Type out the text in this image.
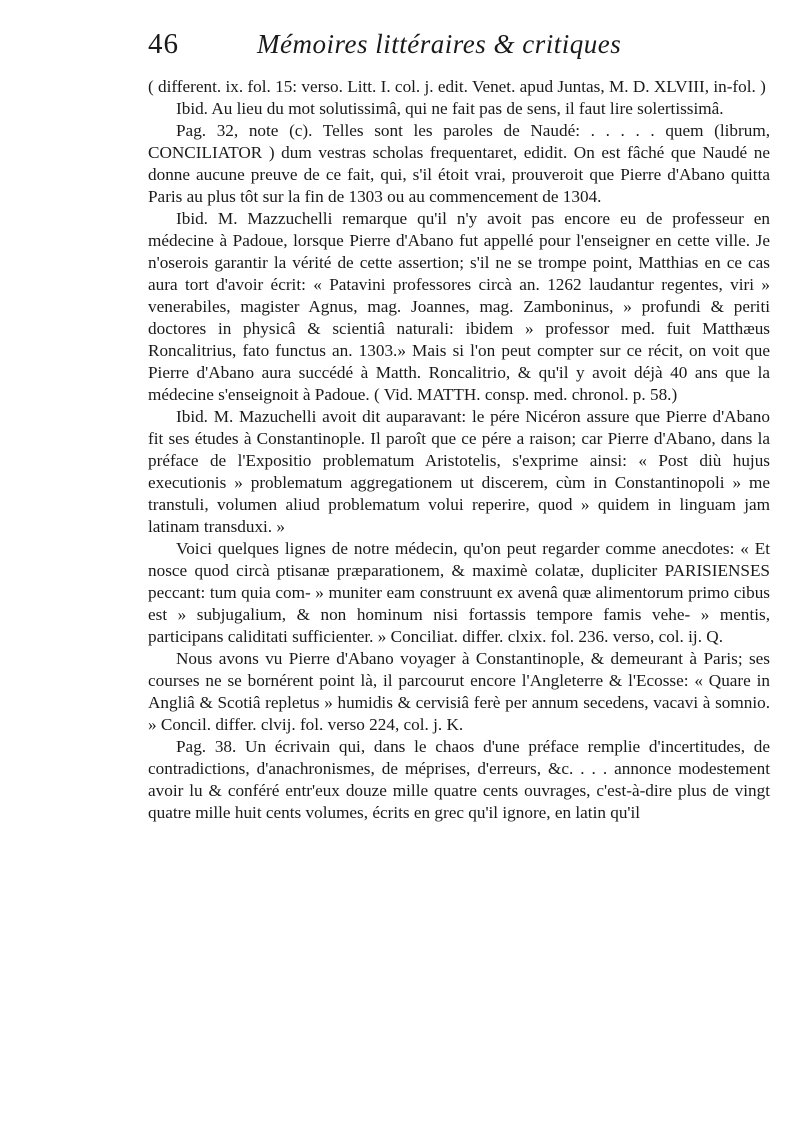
46	Mémoires littéraires & critiques

( different. ix. fol. 15: verso. Litt. I. col. j. edit. Venet. apud Juntas, M. D. XLVIII, in-fol. )

Ibid. Au lieu du mot solutissimâ, qui ne fait pas de sens, il faut lire solertissimâ.

Pag. 32, note (c). Telles sont les paroles de Naudé: . . . . . quem (librum, CONCILIATOR ) dum vestras scholas frequentaret, edidit. On est fâché que Naudé ne donne aucune preuve de ce fait, qui, s'il étoit vrai, prouveroit que Pierre d'Abano quitta Paris au plus tôt sur la fin de 1303 ou au commencement de 1304.

Ibid. M. Mazzuchelli remarque qu'il n'y avoit pas encore eu de professeur en médecine à Padoue, lorsque Pierre d'Abano fut appellé pour l'enseigner en cette ville. Je n'oserois garantir la vérité de cette assertion; s'il ne se trompe point, Matthias en ce cas aura tort d'avoir écrit: « Patavini professores circà an. 1262 laudantur regentes, viri » venerabiles, magister Agnus, mag. Joannes, mag. Zamboninus, » profundi & periti doctores in physicâ & scientiâ naturali: ibidem » professor med. fuit Matthæus Roncalitrius, fato functus an. 1303.» Mais si l'on peut compter sur ce récit, on voit que Pierre d'Abano aura succédé à Matth. Roncalitrio, & qu'il y avoit déjà 40 ans que la médecine s'enseignoit à Padoue. ( Vid. MATTH. consp. med. chronol. p. 58.)

Ibid. M. Mazuchelli avoit dit auparavant: le pére Nicéron assure que Pierre d'Abano fit ses études à Constantinople. Il paroît que ce pére a raison; car Pierre d'Abano, dans la préface de l'Expositio problematum Aristotelis, s'exprime ainsi: « Post diù hujus executionis » problematum aggregationem ut discerem, cùm in Constantinopoli » me transtuli, volumen aliud problematum volui reperire, quod » quidem in linguam jam latinam transduxi. »

Voici quelques lignes de notre médecin, qu'on peut regarder comme anecdotes: « Et nosce quod circà ptisanæ præparationem, & maximè colatæ, dupliciter PARISIENSES peccant: tum quia com- » muniter eam construunt ex avenâ quæ alimentorum primo cibus est » subjugalium, & non hominum nisi fortassis tempore famis vehe- » mentis, participans caliditati sufficienter. » Conciliat. differ. clxix. fol. 236. verso, col. ij. Q.

Nous avons vu Pierre d'Abano voyager à Constantinople, & demeurant à Paris; ses courses ne se bornérent point là, il parcourut encore l'Angleterre & l'Ecosse: « Quare in Angliâ & Scotiâ repletus » humidis & cervisiâ ferè per annum secedens, vacavi à somnio. » Concil. differ. clvij. fol. verso 224, col. j. K.

Pag. 38. Un écrivain qui, dans le chaos d'une préface remplie d'incertitudes, de contradictions, d'anachronismes, de méprises, d'erreurs, &c. . . . annonce modestement avoir lu & conféré entr'eux douze mille quatre cents ouvrages, c'est-à-dire plus de vingt quatre mille huit cents volumes, écrits en grec qu'il ignore, en latin qu'il
